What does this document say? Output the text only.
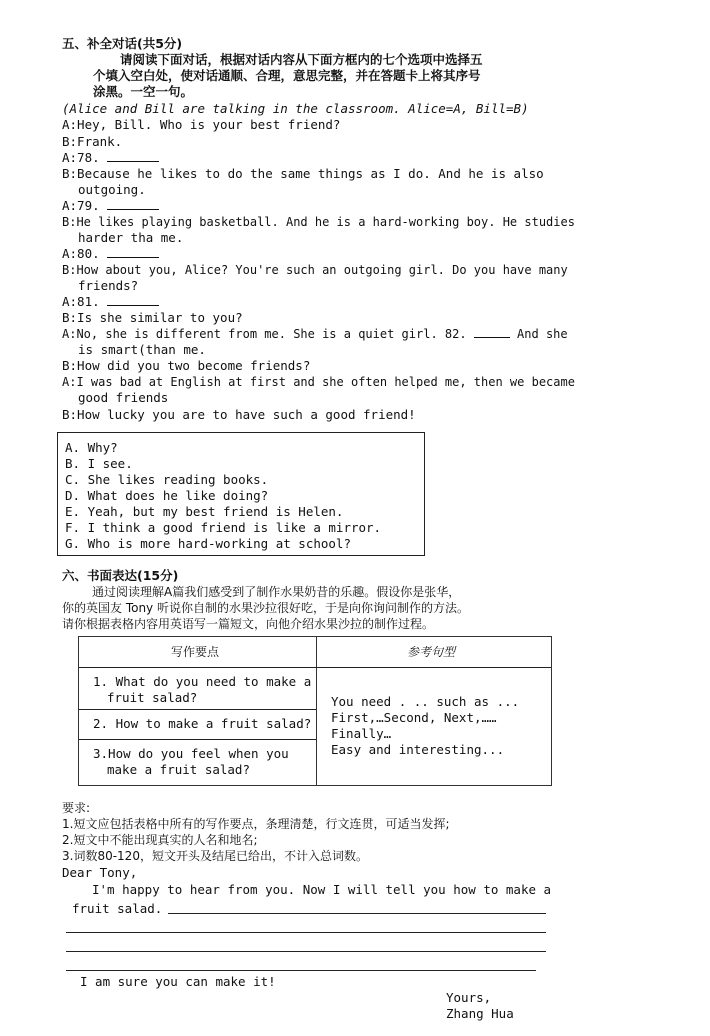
五、补全对话(共5分)
请阅读下面对话，根据对话内容从下面方框内的七个选项中选择五
个填入空白处，使对话通顺、合理，意思完整，并在答题卡上将其序号
涂黑。一空一句。
(Alice and Bill are talking in the classroom. Alice=A, Bill=B)
A:Hey, Bill. Who is your best friend?
B:Frank.
A:78.
B:Because he likes to do the same things as I do. And he is also
outgoing.
A:79.
B:He likes playing basketball. And he is a hard-working boy. He studies
harder tha me.
A:80.
B:How about you, Alice? You're such an outgoing girl. Do you have many
friends?
A:81.
B:Is she similar to you?
A:No, she is different from me. She is a quiet girl. 82.	And she
is smart(than me.
B:How did you two become friends?
A:I was bad at English at first and she often helped me, then we became
good friends
B:How lucky you are to have such a good friend!
A. Why?
B. I see.
C. She likes reading books.
D. What does he like doing?
E. Yeah, but my best friend is Helen.
F. I think a good friend is like a mirror.
G. Who is more hard-working at school?
六、书面表达(15分)
通过阅读理解A篇我们感受到了制作水果奶昔的乐趣。假设你是张华，
你的英国友 Tony 听说你自制的水果沙拉很好吃，于是向你询问制作的方法。
请你根据表格内容用英语写一篇短文，向他介绍水果沙拉的制作过程。
写作要点	参考句型
1. What do you need to make a
fruit salad?
2. How to make a fruit salad?
3.How do you feel when you
make a fruit salad?
You need . .. such as ...
First,…Second, Next,……
Finally…
Easy and interesting...
要求:
1.短文应包括表格中所有的写作要点，条理清楚，行文连贯，可适当发挥;
2.短文中不能出现真实的人名和地名;
3.词数80-120，短文开头及结尾已给出，不计入总词数。
Dear Tony,
I'm happy to hear from you. Now I will tell you how to make a
fruit salad.
I am sure you can make it!
Yours,
Zhang Hua
